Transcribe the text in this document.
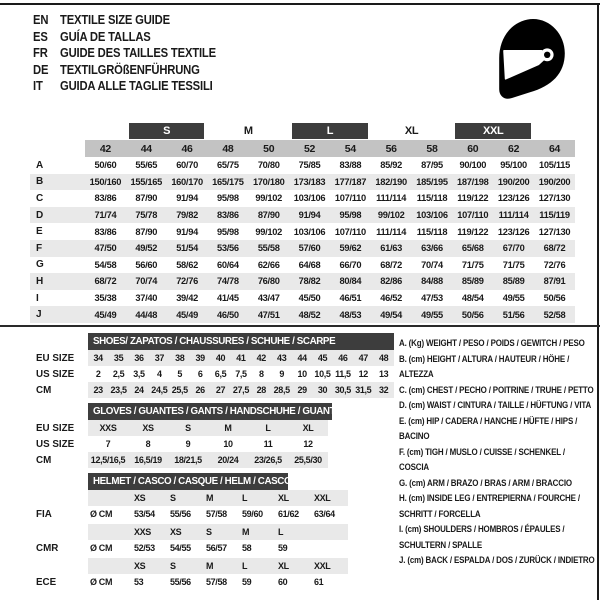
EN TEXTILE SIZE GUIDE
ES GUÍA DE TALLAS
FR GUIDE DES TAILLES TEXTILE
DE TEXTILGRÖßENFÜHRUNG
IT	GUIDA ALLE TAGLIE TESSILI

		S		M		L		XL		XXL		

	42	44	46	48	50	52	54	56	58	60	62	64
A	50/60	55/65	60/70	65/75	70/80	75/85	83/88	85/92	87/95	90/100	95/100	105/115
B	150/160	155/165	160/170	165/175	170/180	173/183	177/187	182/190	185/195	187/198	190/200	190/200
C	83/86	87/90	91/94	95/98	99/102	103/106	107/110	111/114	115/118	119/122	123/126	127/130
D	71/74	75/78	79/82	83/86	87/90	91/94	95/98	99/102	103/106	107/110	111/114	115/119
E	83/86	87/90	91/94	95/98	99/102	103/106	107/110	111/114	115/118	119/122	123/126	127/130
F	47/50	49/52	51/54	53/56	55/58	57/60	59/62	61/63	63/66	65/68	67/70	68/72
G	54/58	56/60	58/62	60/64	62/66	64/68	66/70	68/72	70/74	71/75	71/75	72/76
H	68/72	70/74	72/76	74/78	76/80	78/82	80/84	82/86	84/88	85/89	85/89	87/91
I	35/38	37/40	39/42	41/45	43/47	45/50	46/51	46/52	47/53	48/54	49/55	50/56
J	45/49	44/48	45/49	46/50	47/51	48/52	48/53	49/54	49/55	50/56	51/56	52/58
SHOES/ ZAPATOS / CHAUSSURES / SCHUHE / SCARPE
EU SIZE	34	35	36	37	38	39	40	41	42	43	44	45	46	47	48
US SIZE	2	2,5	3,5	4	5	6	6,5	7,5	8	9	10	10,5	11,5	12	13
CM	23	23,5	24	24,5	25,5	26	27	27,5	28	28,5	29	30	30,5	31,5	32
GLOVES / GUANTES / GANTS / HANDSCHUHE / GUANTI
EU SIZE	XXS	XS	S	M	L	XL
US SIZE	7	8	9	10	11	12
CM	12,5/16,5	16,5/19	18/21,5	20/24	23/26,5	25,5/30
HELMET / CASCO / CASQUE / HELM / CASCO
		XS	S	M	L	XL	XXL
FIA	Ø CM	53/54	55/56	57/58	59/60	61/62	63/64

		XXS	XS	S	M	L	
CMR	Ø CM	52/53	54/55	56/57	58	59	

		XS	S	M	L	XL	XXL
ECE	Ø CM	53	55/56	57/58	59	60	61
A. (Kg) WEIGHT / PESO / POIDS / GEWITCH / PESO
B. (cm) HEIGHT / ALTURA / HAUTEUR / HÖHE / ALTEZZA
C. (cm) CHEST / PECHO / POITRINE / TRUHE / PETTO
D. (cm) WAIST / CINTURA / TAILLE / HÜFTUNG / VITA
E. (cm) HIP / CADERA / HANCHE / HÜFTE / HIPS / BACINO
F. (cm) TIGH / MUSLO / CUISSE / SCHENKEL / COSCIA
G. (cm) ARM / BRAZO / BRAS / ARM / BRACCIO
H. (cm) INSIDE LEG / ENTREPIERNA / FOURCHE / SCHRITT / FORCELLA
I. (cm) SHOULDERS / HOMBROS / ÉPAULES / SCHULTERN / SPALLE
J. (cm) BACK / ESPALDA / DOS / ZURÜCK / INDIETRO
